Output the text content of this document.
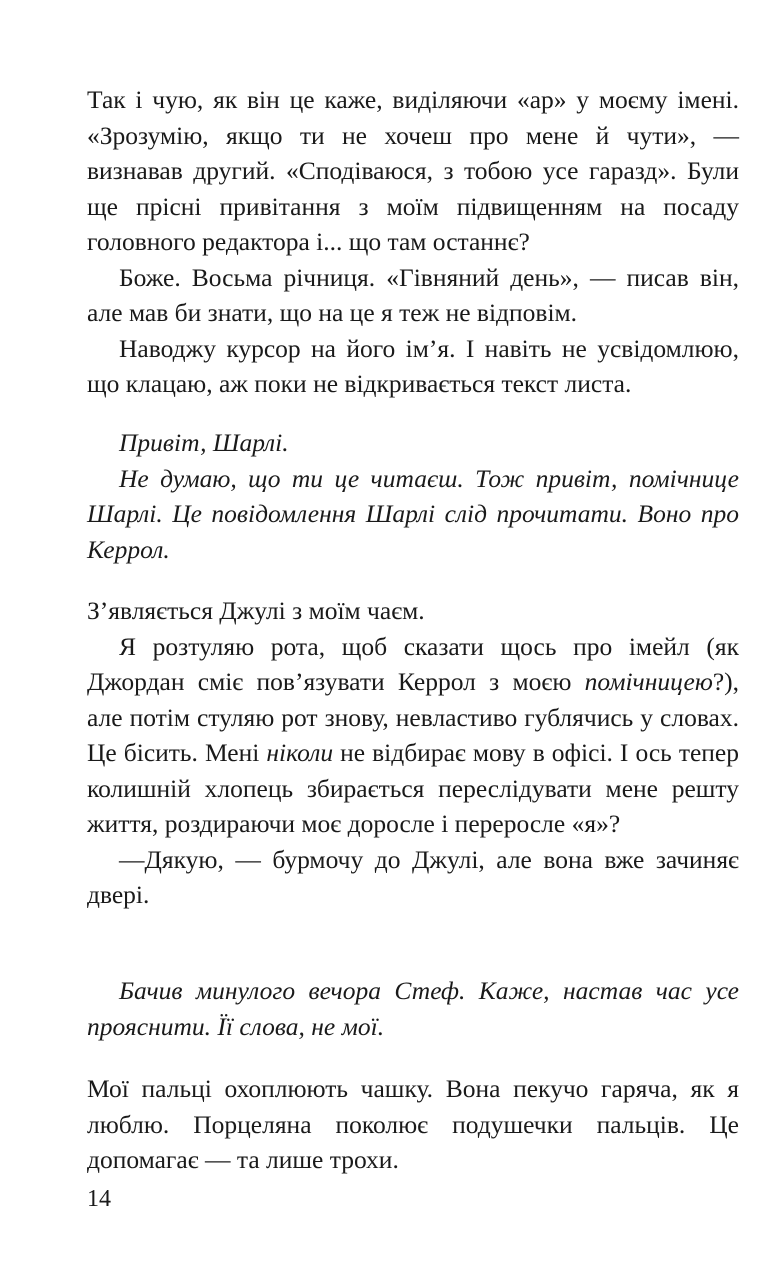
Так і чую, як він це каже, виділяючи «ар» у моєму імені. «Зрозумію, якщо ти не хочеш про мене й чути», — визнавав другий. «Сподіваюся, з тобою усе гаразд». Були ще прісні привітання з моїм підвищенням на посаду головного редактора і... що там останнє?

Боже. Восьма річниця. «Гівняний день», — писав він, але мав би знати, що на це я теж не відповім.

Наводжу курсор на його ім’я. І навіть не усвідомлюю, що клацаю, аж поки не відкривається текст листа.

Привіт, Шарлі.

Не думаю, що ти це читаєш. Тож привіт, помічнице Шарлі. Це повідомлення Шарлі слід прочитати. Воно про Керрол.

З’являється Джулі з моїм чаєм.

Я розтуляю рота, щоб сказати щось про імейл (як Джордан сміє пов’язувати Керрол з моєю помічницею?), але потім стуляю рот знову, невластиво гублячись у словах. Це бісить. Мені ніколи не відбирає мову в офісі. І ось тепер колишній хлопець збирається переслідувати мене решту життя, роздираючи моє доросле і переросле «я»?

—Дякую, — бурмочу до Джулі, але вона вже зачиняє двері.

Бачив минулого вечора Стеф. Каже, настав час усе прояснити. Її слова, не мої.

Мої пальці охоплюють чашку. Вона пекучо гаряча, як я люблю. Порцеляна поколює подушечки пальців. Це допомагає — та лише трохи.

14
